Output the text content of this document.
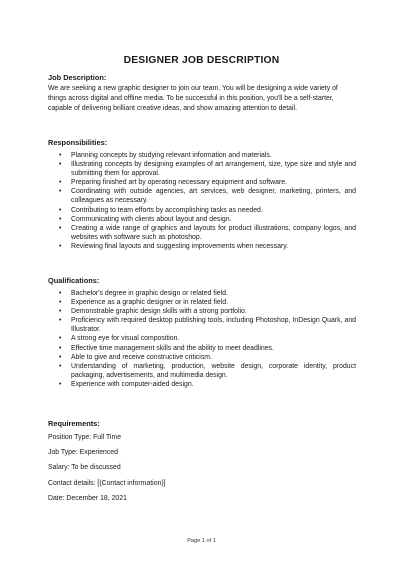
DESIGNER JOB DESCRIPTION
Job Description:

We are seeking a new graphic designer to join our team. You will be designing a wide variety of things across digital and offline media. To be successful in this position, you'll be a self-starter, capable of delivering brilliant creative ideas, and show amazing attention to detail.

Responsibilities:
• Planning concepts by studying relevant information and materials.
• Illustrating concepts by designing examples of art arrangement, size, type size and style and submitting them for approval.
• Preparing finished art by operating necessary equipment and software.
• Coordinating with outside agencies, art services, web designer, marketing, printers, and colleagues as necessary.
• Contributing to team efforts by accomplishing tasks as needed.
• Communicating with clients about layout and design.
• Creating a wide range of graphics and layouts for product illustrations, company logos, and websites with software such as photoshop.
• Reviewing final layouts and suggesting improvements when necessary.
Qualifications:
• Bachelor's degree in graphic design or related field.
• Experience as a graphic designer or in related field.
• Demonstrable graphic design skills with a strong portfolio.
• Proficiency with required desktop publishing tools, including Photoshop, InDesign Quark, and Illustrator.
• A strong eye for visual composition.
• Effective time management skills and the ability to meet deadlines.
• Able to give and receive constructive criticism.
• Understanding of marketing, production, website design, corporate identity, product packaging, advertisements, and multimedia design.
• Experience with computer-aided design.
Requirements:
Position Type: Full Time
Job Type: Experienced
Salary: To be discussed
Contact details: [(Contact information)]
Date: December 18, 2021
Page 1 of 1
